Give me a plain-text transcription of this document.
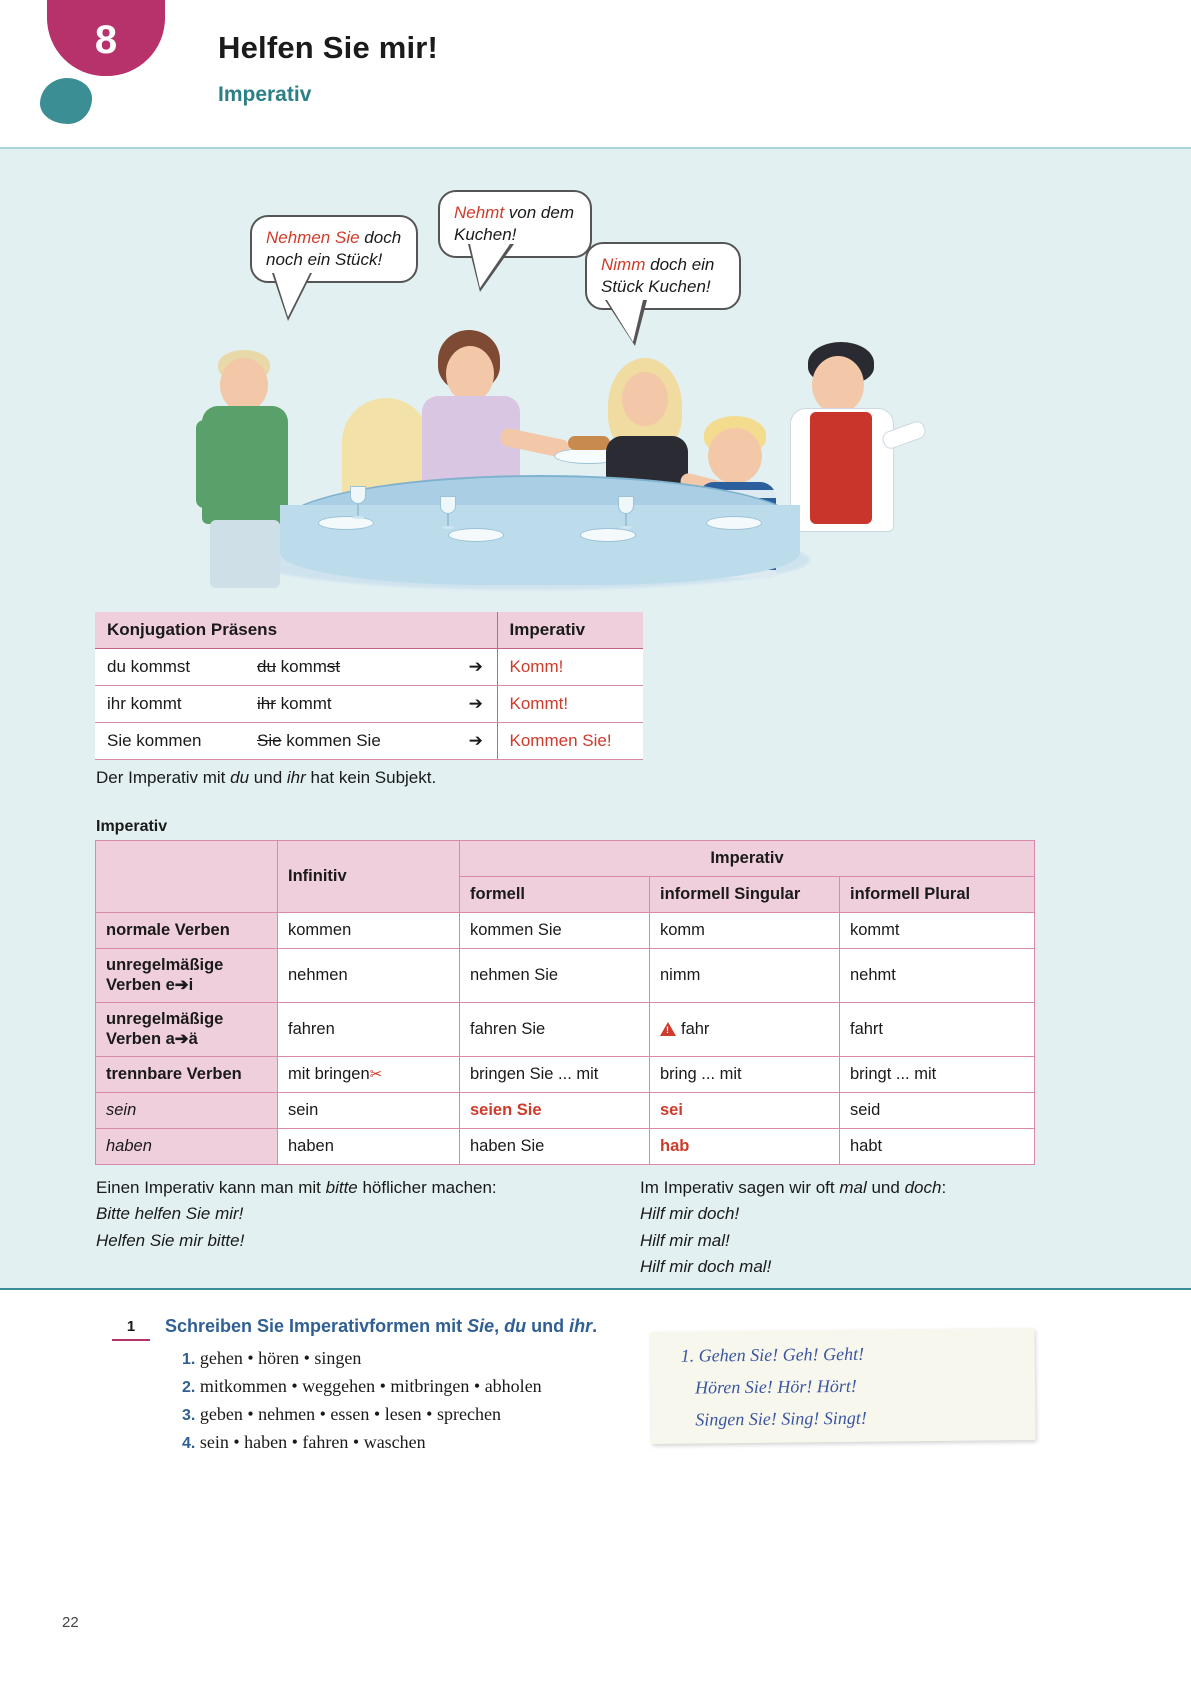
8	Helfen Sie mir!
Imperativ
Nehmen Sie doch noch ein Stück!
Nehmt von dem Kuchen!
Nimm doch ein Stück Kuchen!
Konjugation Präsens			Imperativ
du kommst	du kommst	➔	Komm!
ihr kommt	ihr kommt	➔	Kommt!
Sie kommen	Sie kommen Sie	➔	Kommen Sie!
Der Imperativ mit du und ihr hat kein Subjekt.
Imperativ
	Infinitiv	Imperativ		
		formell	informell Singular	informell Plural
normale Verben	kommen	kommen Sie	komm	kommt
unregelmäßige Verben e➔i	nehmen	nehmen Sie	nimm	nehmt
unregelmäßige Verben a➔ä	fahren	fahren Sie	!fahr	fahrt
trennbare Verben	mit bringen✂	bringen Sie ... mit	bring ... mit	bringt ... mit
sein	sein	seien Sie	sei	seid
haben	haben	haben Sie	hab	habt
Einen Imperativ kann man mit bitte höflicher machen:
Bitte helfen Sie mir!
Helfen Sie mir bitte!
Im Imperativ sagen wir oft mal und doch:
Hilf mir doch!
Hilf mir mal!
Hilf mir doch mal!
1	Schreiben Sie Imperativformen mit Sie, du und ihr.
1. gehen • hören • singen
2. mitkommen • weggehen • mitbringen • abholen
3. geben • nehmen • essen • lesen • sprechen
4. sein • haben • fahren • waschen
1. Gehen Sie! Geh! Geht!
Hören Sie! Hör! Hört!
Singen Sie! Sing! Singt!
22
